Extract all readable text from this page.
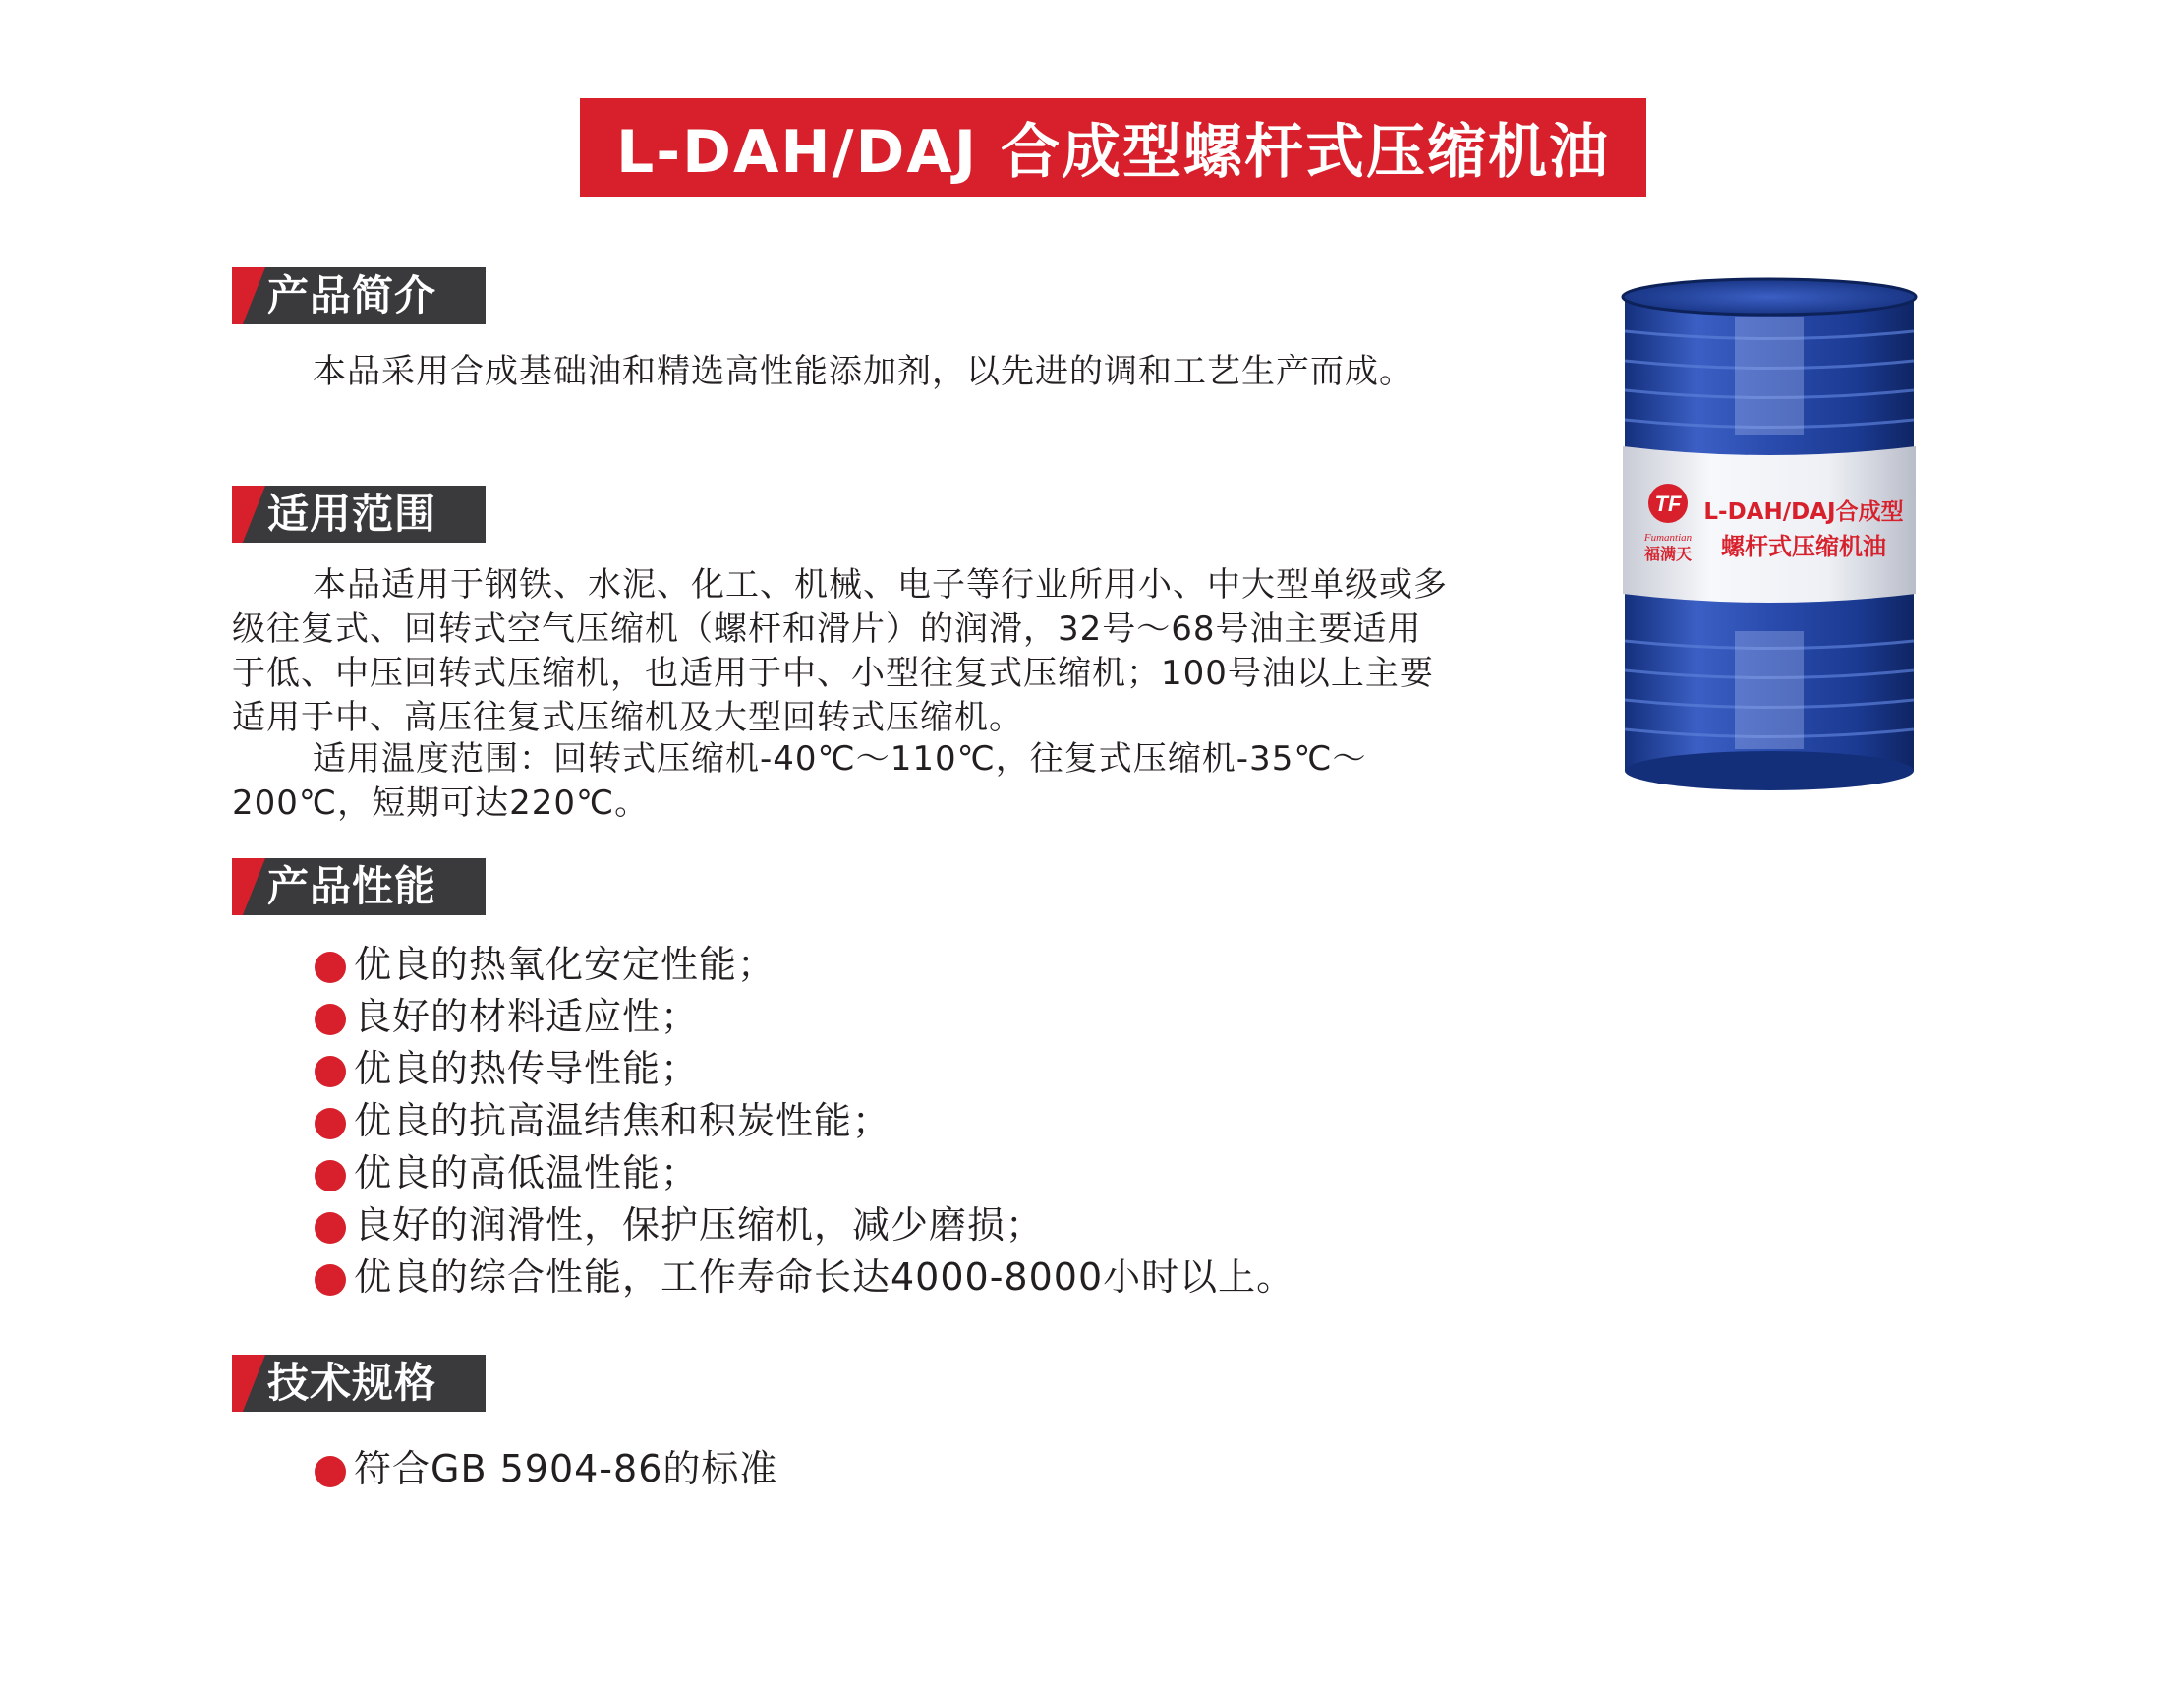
L-DAH/DAJ 合成型螺杆式压缩机油
产品简介

本品采用合成基础油和精选高性能添加剂，以先进的调和工艺生产而成。

适用范围

本品适用于钢铁、水泥、化工、机械、电子等行业所用小、中大型单级或多级往复式、回转式空气压缩机（螺杆和滑片）的润滑，32号～68号油主要适用于低、中压回转式压缩机，也适用于中、小型往复式压缩机；100号油以上主要适用于中、高压往复式压缩机及大型回转式压缩机。

适用温度范围：回转式压缩机-40℃～110℃，往复式压缩机-35℃～200℃，短期可达220℃。

产品性能
优良的热氧化安定性能；
良好的材料适应性；
优良的热传导性能；
优良的抗高温结焦和积炭性能；
优良的高低温性能；
良好的润滑性，保护压缩机，减少磨损；
优良的综合性能，工作寿命长达4000-8000小时以上。
技术规格
符合GB 5904-86的标准
TF
Fumantian
福满天
L-DAH/DAJ合成型
螺杆式压缩机油
